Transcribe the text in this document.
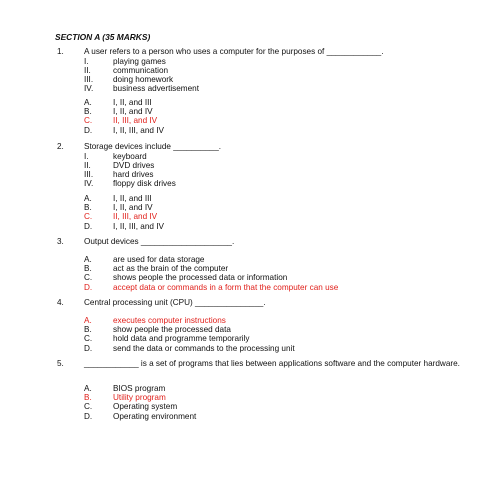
SECTION A (35 MARKS)
1. A user refers to a person who uses a computer for the purposes of ____________.
I.	playing games
II.	communication
III. doing homework
IV. business advertisement
A.	I, II, and III
B.	I, II, and IV
C.	II, III, and IV
D.	I, II, III, and IV
2. Storage devices include __________.
I.	keyboard
II.	DVD drives
III. hard drives
IV. floppy disk drives
A.	I, II, and III
B.	I, II, and IV
C.	II, III, and IV
D.	I, II, III, and IV
3. Output devices ____________________.
A.	are used for data storage
B.	act as the brain of the computer
C.	shows people the processed data or information
D.	accept data or commands in a form that the computer can use
4. Central processing unit (CPU) _______________.
A.	executes computer instructions
B.	show people the processed data
C.	hold data and programme temporarily
D.	send the data or commands to the processing unit
5. ____________ is a set of programs that lies between applications software and the computer hardware.
A.	BIOS program
B.	Utility program
C.	Operating system
D.	Operating environment
